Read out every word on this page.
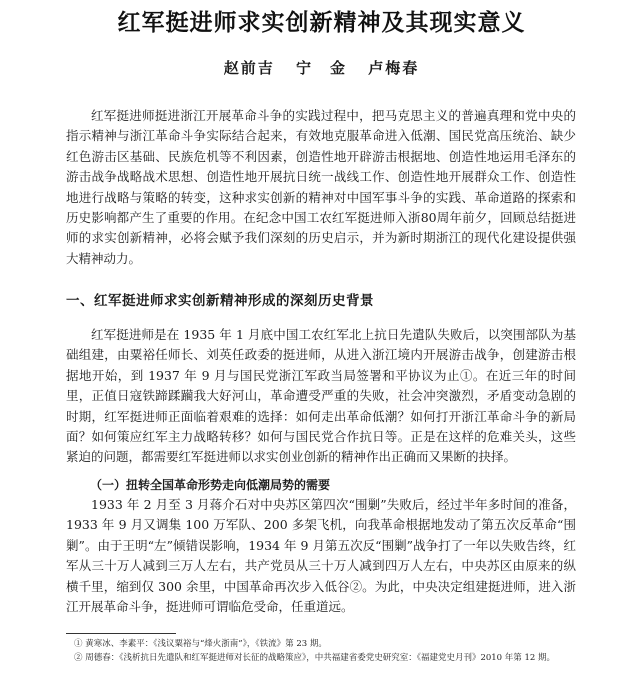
红军挺进师求实创新精神及其现实意义
赵前吉 宁　金 卢梅春

红军挺进师挺进浙江开展革命斗争的实践过程中，把马克思主义的普遍真理和党中央的指示精神与浙江革命斗争实际结合起来，有效地克服革命进入低潮、国民党高压统治、缺少红色游击区基础、民族危机等不利因素，创造性地开辟游击根据地、创造性地运用毛泽东的游击战争战略战术思想、创造性地开展抗日统一战线工作、创造性地开展群众工作、创造性地进行战略与策略的转变，这种求实创新的精神对中国军事斗争的实践、革命道路的探索和历史影响都产生了重要的作用。在纪念中国工农红军挺进师入浙80周年前夕，回顾总结挺进师的求实创新精神，必将会赋予我们深刻的历史启示，并为新时期浙江的现代化建设提供强大精神动力。

一、红军挺进师求实创新精神形成的深刻历史背景

红军挺进师是在 1935 年 1 月底中国工农红军北上抗日先遣队失败后，以突围部队为基础组建，由粟裕任师长、刘英任政委的挺进师，从进入浙江境内开展游击战争，创建游击根据地开始，到 1937 年 9 月与国民党浙江军政当局签署和平协议为止①。在近三年的时间里，正值日寇铁蹄蹂躏我大好河山，革命遭受严重的失败，社会冲突激烈，矛盾变动急剧的时期，红军挺进师正面临着艰难的选择：如何走出革命低潮？如何打开浙江革命斗争的新局面？如何策应红军主力战略转移？如何与国民党合作抗日等。正是在这样的危难关头，这些紧迫的问题，都需要红军挺进师以求实创业创新的精神作出正确而又果断的抉择。

（一）扭转全国革命形势走向低潮局势的需要

1933 年 2 月至 3 月蒋介石对中央苏区第四次“围剿”失败后，经过半年多时间的准备，1933 年 9 月又调集 100 万军队、200 多架飞机，向我革命根据地发动了第五次反革命“围剿”。由于王明“左”倾错误影响，1934 年 9 月第五次反“围剿”战争打了一年以失败告终，红军从三十万人减到三万人左右，共产党员从三十万人减到四万人左右，中央苏区由原来的纵横千里，缩到仅 300 余里，中国革命再次步入低谷②。为此，中央决定组建挺进师，进入浙江开展革命斗争，挺进师可谓临危受命，任重道远。

① 黄寒冰、李素平：《浅议粟裕与“烽火浙南”》，《铁流》第 23 期。
② 周德春：《浅析抗日先遣队和红军挺进师对长征的战略策应》，中共福建省委党史研究室：《福建党史月刊》2010 年第 12 期。
